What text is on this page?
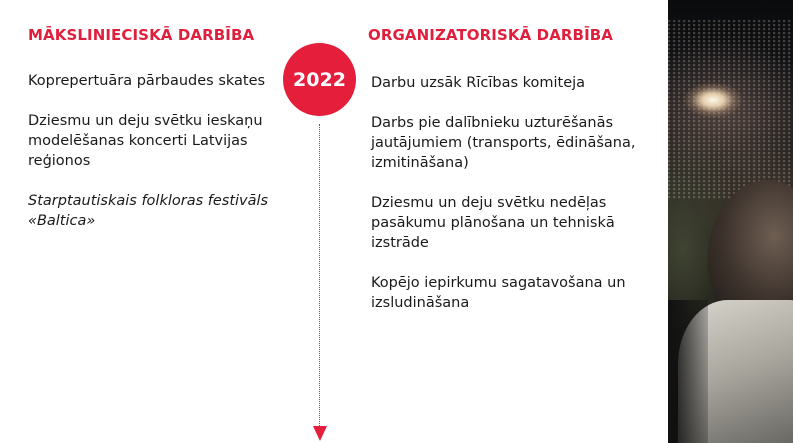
MĀKSLINIECISKĀ DARBĪBA
Koprepertuāra pārbaudes skates
Dziesmu un deju svētku ieskaņu modelēšanas koncerti Latvijas reģionos
Starptautiskais folkloras festivāls «Baltica»
2022
ORGANIZATORISKĀ DARBĪBA
Darbu uzsāk Rīcības komiteja
Darbs pie dalībnieku uzturēšanās jautājumiem (transports, ēdināšana, izmitināšana)
Dziesmu un deju svētku nedēļas pasākumu plānošana un tehniskā izstrāde
Kopējo iepirkumu sagatavošana un izsludināšana
